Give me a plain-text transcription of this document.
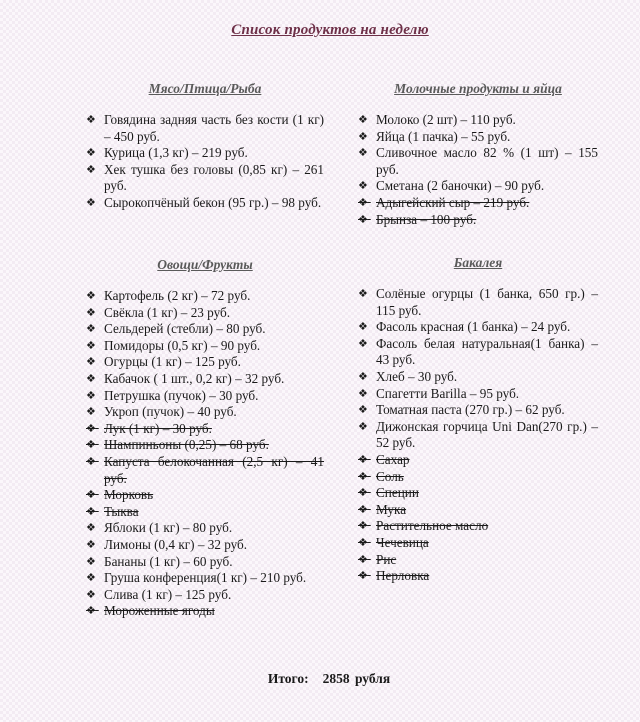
Список продуктов на неделю
Мясо/Птица/Рыба
❖ Говядина задняя часть без кости (1 кг) – 450 руб.
❖ Курица (1,3 кг) – 219 руб.
❖ Хек тушка без головы (0,85 кг) – 261 руб.
❖ Сырокопчёный бекон (95 гр.) – 98 руб.
Овощи/Фрукты
❖ Картофель (2 кг) – 72 руб.
❖ Свёкла (1 кг) – 23 руб.
❖ Сельдерей (стебли) – 80 руб.
❖ Помидоры (0,5 кг) – 90 руб.
❖ Огурцы (1 кг) – 125 руб.
❖ Кабачок ( 1 шт., 0,2 кг) – 32 руб.
❖ Петрушка (пучок) – 30 руб.
❖ Укроп (пучок) – 40 руб.
❖ Лук (1 кг) – 30 руб.
❖ Шампиньоны (0,25) – 68 руб.
❖ Капуста белокочанная (2,5 кг) – 41 руб.
❖ Морковь
❖ Тыква
❖ Яблоки (1 кг) – 80 руб.
❖ Лимоны (0,4 кг) – 32 руб.
❖ Бананы (1 кг) – 60 руб.
❖ Груша конференция(1 кг) – 210 руб.
❖ Слива (1 кг) – 125 руб.
❖ Мороженные ягоды
Молочные продукты и яйца
❖ Молоко (2 шт) – 110 руб.
❖ Яйца (1 пачка) – 55 руб.
❖ Сливочное масло 82 % (1 шт) – 155 руб.
❖ Сметана (2 баночки) – 90 руб.
❖ Адыгейский сыр – 219 руб.
❖ Брынза – 100 руб.
Бакалея
❖ Солёные огурцы (1 банка, 650 гр.) – 115 руб.
❖ Фасоль красная (1 банка) – 24 руб.
❖ Фасоль белая натуральная(1 банка) – 43 руб.
❖ Хлеб – 30 руб.
❖ Спагетти Barilla – 95 руб.
❖ Томатная паста (270 гр.) – 62 руб.
❖ Дижонская горчица Uni Dan(270 гр.) – 52 руб.
❖ Сахар
❖ Соль
❖ Специи
❖ Мука
❖ Растительное масло
❖ Чечевица
❖ Рис
❖ Перловка
Итого: 2858 рубля
